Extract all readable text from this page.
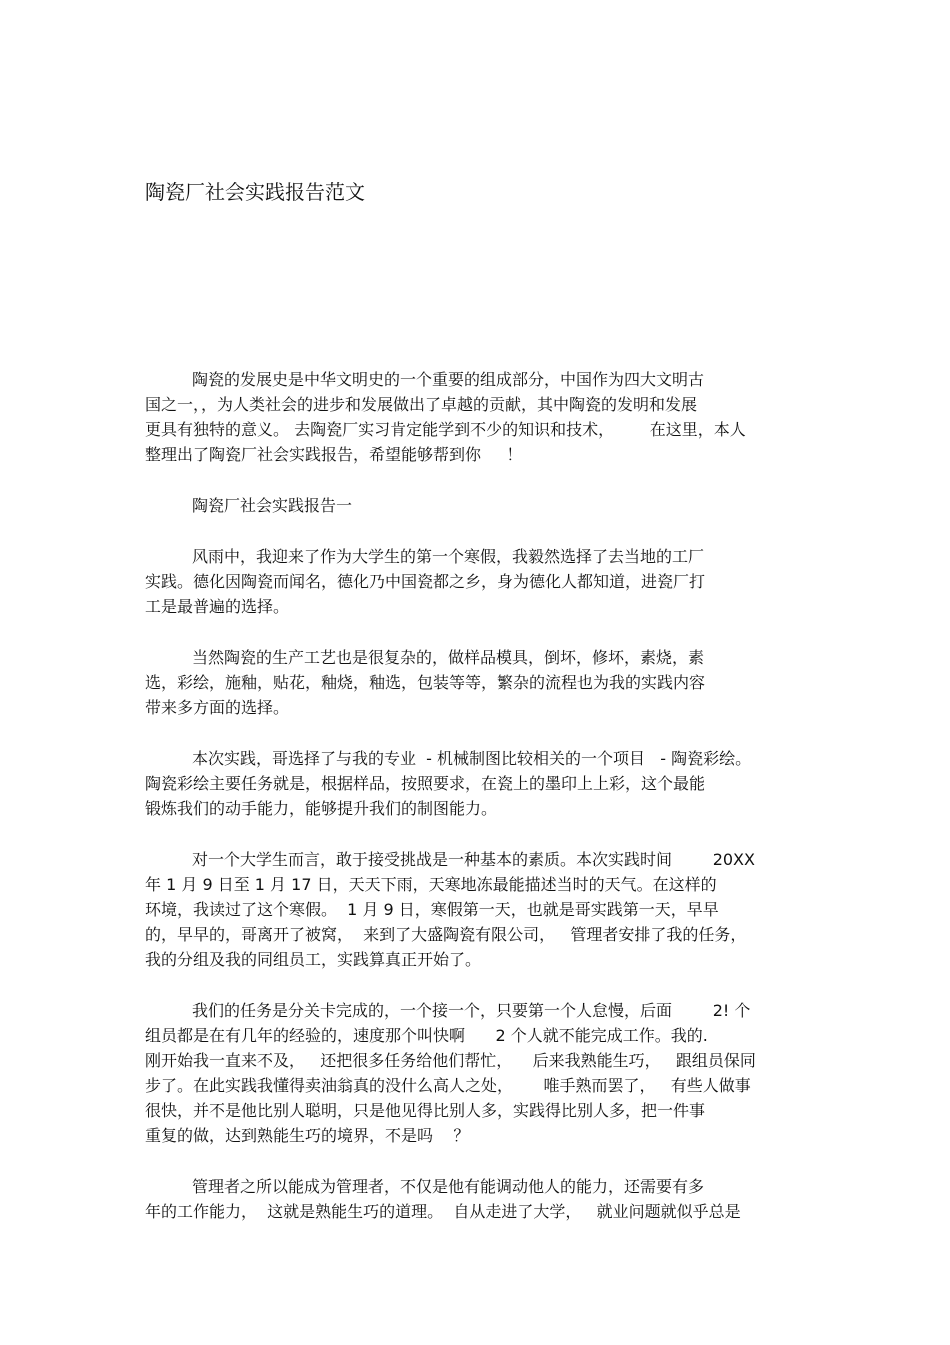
陶瓷厂社会实践报告范文
陶瓷的发展史是中华文明史的一个重要的组成部分，中国作为四大文明古
国之一，，为人类社会的进步和发展做出了卓越的贡献，其中陶瓷的发明和发展
更具有独特的意义。 去陶瓷厂实习肯定能学到不少的知识和技术，       在这里，本人
整理出了陶瓷厂社会实践报告，希望能够帮到你     ！
陶瓷厂社会实践报告一
风雨中，我迎来了作为大学生的第一个寒假，我毅然选择了去当地的工厂
实践。德化因陶瓷而闻名，德化乃中国瓷都之乡，身为德化人都知道，进瓷厂打
工是最普遍的选择。
当然陶瓷的生产工艺也是很复杂的，做样品模具，倒坏，修坏，素烧，素
选，彩绘，施釉，贴花，釉烧，釉选，包装等等，繁杂的流程也为我的实践内容
带来多方面的选择。
本次实践，哥选择了与我的专业  - 机械制图比较相关的一个项目   - 陶瓷彩绘。
陶瓷彩绘主要任务就是，根据样品，按照要求，在瓷上的墨印上上彩，这个最能
锻炼我们的动手能力，能够提升我们的制图能力。
对一个大学生而言，敢于接受挑战是一种基本的素质。本次实践时间        20XX
年 1 月 9 日至 1 月 17 日，天天下雨，天寒地冻最能描述当时的天气。在这样的
环境，我读过了这个寒假。  1 月 9 日，寒假第一天，也就是哥实践第一天，早早
的，早早的，哥离开了被窝，  来到了大盛陶瓷有限公司，   管理者安排了我的任务，
我的分组及我的同组员工，实践算真正开始了。
我们的任务是分关卡完成的，一个接一个，只要第一个人怠慢，后面        2! 个
组员都是在有几年的经验的，速度那个叫快啊      2 个人就不能完成工作。我的.
刚开始我一直来不及，   还把很多任务给他们帮忙，    后来我熟能生巧，   跟组员保同
步了。在此实践我懂得卖油翁真的没什么高人之处，      唯手熟而罢了，   有些人做事
很快，并不是他比别人聪明，只是他见得比别人多，实践得比别人多，把一件事
重复的做，达到熟能生巧的境界，不是吗    ？
管理者之所以能成为管理者，不仅是他有能调动他人的能力，还需要有多
年的工作能力，  这就是熟能生巧的道理。  自从走进了大学，   就业问题就似乎总是
